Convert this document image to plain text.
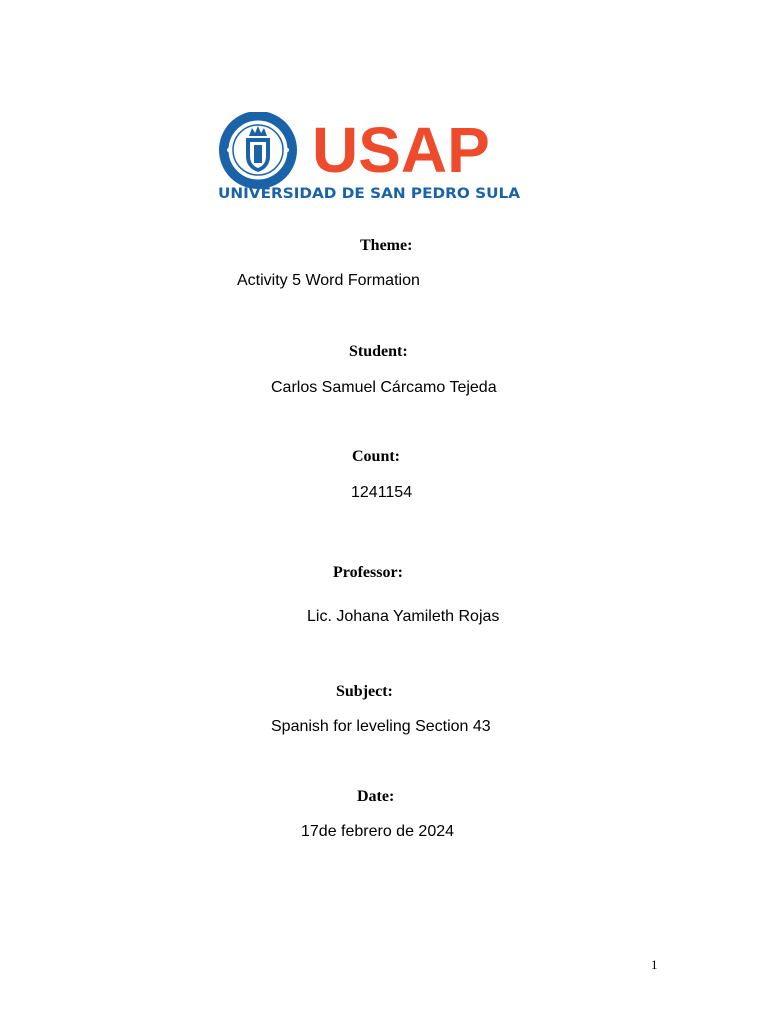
USAP
UNIVERSIDAD DE SAN PEDRO SULA
Theme:
Activity 5 Word Formation
Student:
Carlos Samuel Cárcamo Tejeda
Count:
1241154
Professor:
Lic. Johana Yamileth Rojas
Subject:
Spanish for leveling Section 43
Date:
17de febrero de 2024
1
